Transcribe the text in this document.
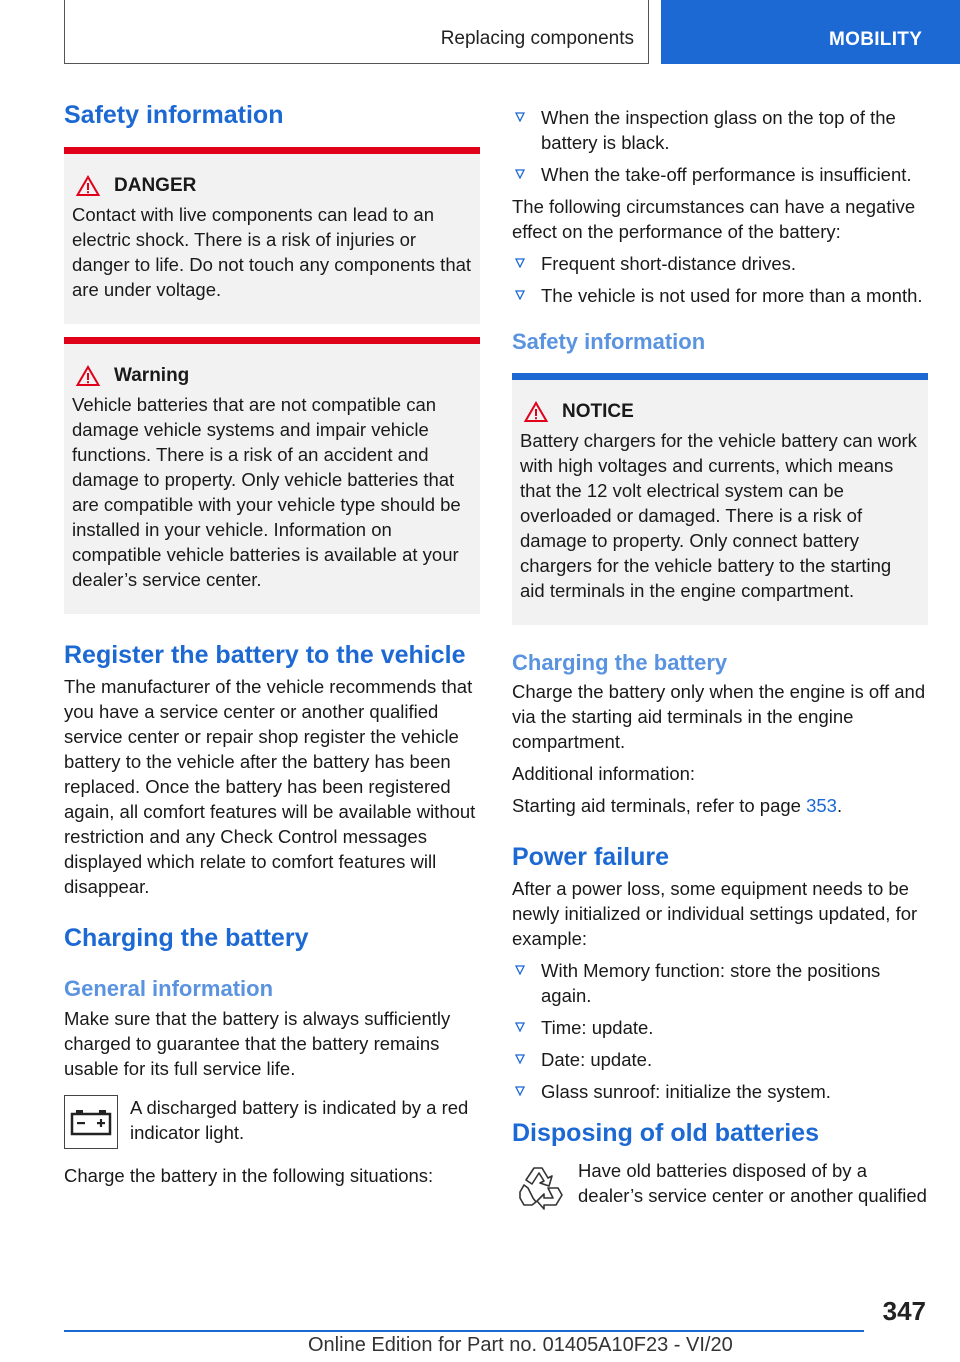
Replacing components	MOBILITY
Safety information
DANGER

Contact with live components can lead to an electric shock. There is a risk of injuries or danger to life. Do not touch any components that are under voltage.

Warning

Vehicle batteries that are not compatible can damage vehicle systems and impair vehicle functions. There is a risk of an accident and damage to property. Only vehicle batteries that are compatible with your vehicle type should be installed in your vehicle. Information on compatible vehicle batteries is available at your dealer’s service center.

Register the battery to the vehicle

The manufacturer of the vehicle recommends that you have a service center or another qualified service center or repair shop register the vehicle battery to the vehicle after the battery has been replaced. Once the battery has been registered again, all comfort features will be available without restriction and any Check Control messages displayed which relate to comfort features will disappear.

Charging the battery
General information

Make sure that the battery is always sufficiently charged to guarantee that the battery remains usable for its full service life.

A discharged battery is indicated by a red indicator light.

Charge the battery in the following situations:

When the inspection glass on the top of the battery is black.
When the take-off performance is insufficient.

The following circumstances can have a negative effect on the performance of the battery:

Frequent short-distance drives.
The vehicle is not used for more than a month.
Safety information
NOTICE

Battery chargers for the vehicle battery can work with high voltages and currents, which means that the 12 volt electrical system can be overloaded or damaged. There is a risk of damage to property. Only connect battery chargers for the vehicle battery to the starting aid terminals in the engine compartment.

Charging the battery

Charge the battery only when the engine is off and via the starting aid terminals in the engine compartment.

Additional information:

Starting aid terminals, refer to page 353.

Power failure

After a power loss, some equipment needs to be newly initialized or individual settings updated, for example:

With Memory function: store the positions again.
Time: update.
Date: update.
Glass sunroof: initialize the system.
Disposing of old batteries

Have old batteries disposed of by a dealer’s service center or another qualified

347
Online Edition for Part no. 01405A10F23 - VI/20
